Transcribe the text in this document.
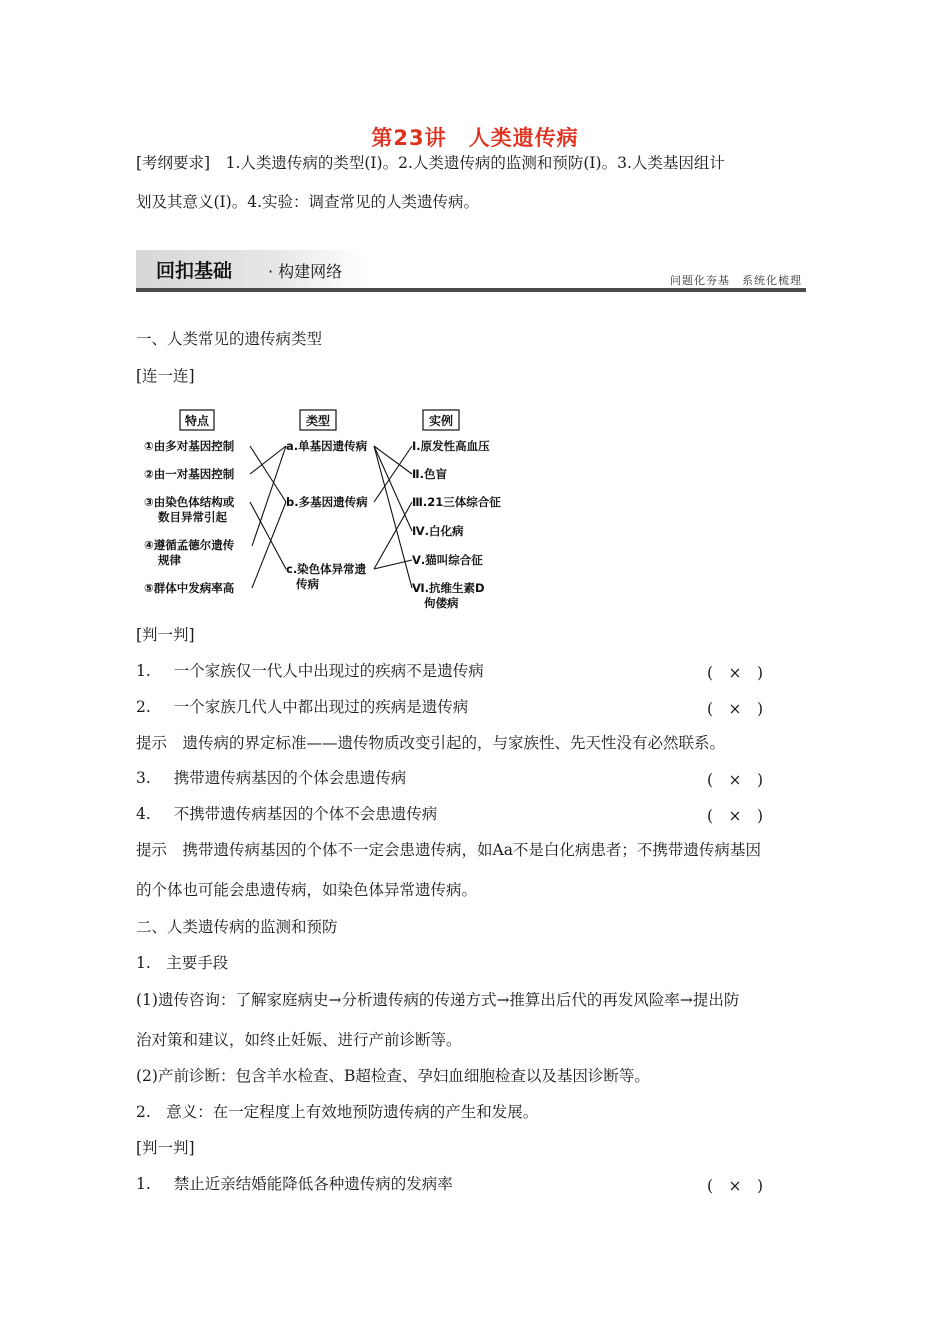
第23讲　人类遗传病
[考纲要求]　1.人类遗传病的类型(Ⅰ)。2.人类遗传病的监测和预防(Ⅰ)。3.人类基因组计
划及其意义(Ⅰ)。4.实验：调查常见的人类遗传病。
回扣基础 · 构建网络	问题化夯基　系统化梳理
一、人类常见的遗传病类型
[连一连]
特点	类型	实例
①由多对基因控制
②由一对基因控制
③由染色体结构或
数目异常引起
④遵循孟德尔遗传
规律
⑤群体中发病率高
a.单基因遗传病
b.多基因遗传病
c.染色体异常遗
传病
Ⅰ.原发性高血压
Ⅱ.色盲
Ⅲ.21三体综合征
Ⅳ.白化病
Ⅴ.猫叫综合征
Ⅵ.抗维生素D
佝偻病
[判一判]
1. 一个家族仅一代人中出现过的疾病不是遗传病	(　×　)
2. 一个家族几代人中都出现过的疾病是遗传病	(　×　)
提示　遗传病的界定标准——遗传物质改变引起的，与家族性、先天性没有必然联系。
3. 携带遗传病基因的个体会患遗传病	(　×　)
4. 不携带遗传病基因的个体不会患遗传病	(　×　)
提示　携带遗传病基因的个体不一定会患遗传病，如Aa不是白化病患者；不携带遗传病基因
的个体也可能会患遗传病，如染色体异常遗传病。
二、人类遗传病的监测和预防
1.　主要手段
(1)遗传咨询：了解家庭病史→分析遗传病的传递方式→推算出后代的再发风险率→提出防
治对策和建议，如终止妊娠、进行产前诊断等。
(2)产前诊断：包含羊水检查、B超检查、孕妇血细胞检查以及基因诊断等。
2.　意义：在一定程度上有效地预防遗传病的产生和发展。
[判一判]
1. 禁止近亲结婚能降低各种遗传病的发病率	(　×　)
